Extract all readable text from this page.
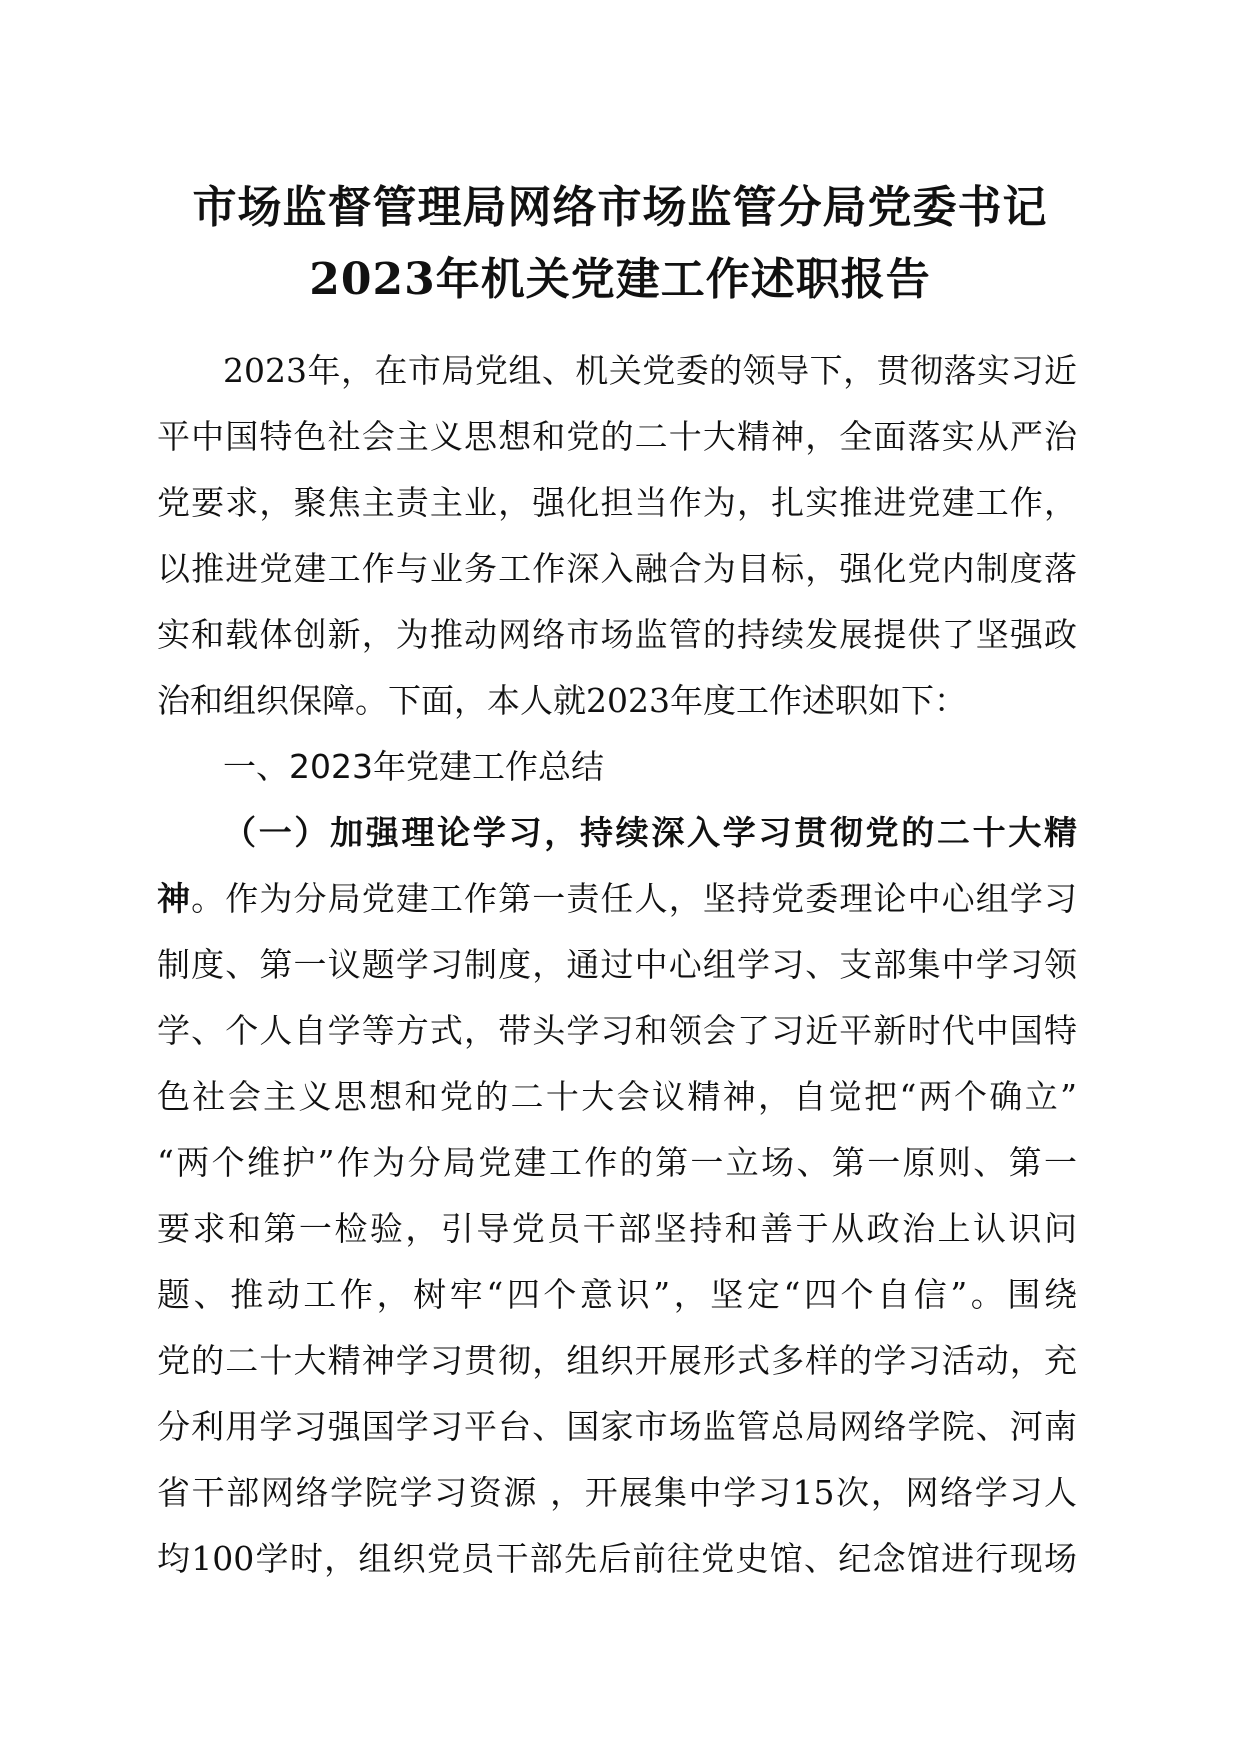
市场监督管理局网络市场监管分局党委书记
2023年机关党建工作述职报告
2023年，在市局党组、机关党委的领导下，贯彻落实习近
平中国特色社会主义思想和党的二十大精神，全面落实从严治
党要求，聚焦主责主业，强化担当作为，扎实推进党建工作，
以推进党建工作与业务工作深入融合为目标，强化党内制度落
实和载体创新，为推动网络市场监管的持续发展提供了坚强政
治和组织保障。下面，本人就2023年度工作述职如下：
一、2023年党建工作总结
（一）加强理论学习，持续深入学习贯彻党的二十大精
神。作为分局党建工作第一责任人，坚持党委理论中心组学习
制度、第一议题学习制度，通过中心组学习、支部集中学习领
学、个人自学等方式，带头学习和领会了习近平新时代中国特
色社会主义思想和党的二十大会议精神，自觉把“两个确立”
“两个维护”作为分局党建工作的第一立场、第一原则、第一
要求和第一检验，引导党员干部坚持和善于从政治上认识问
题、推动工作，树牢“四个意识”，坚定“四个自信”。围绕
党的二十大精神学习贯彻，组织开展形式多样的学习活动，充
分利用学习强国学习平台、国家市场监管总局网络学院、河南
省干部网络学院学习资源 ，开展集中学习15次，网络学习人
均100学时，组织党员干部先后前往党史馆、纪念馆进行现场
